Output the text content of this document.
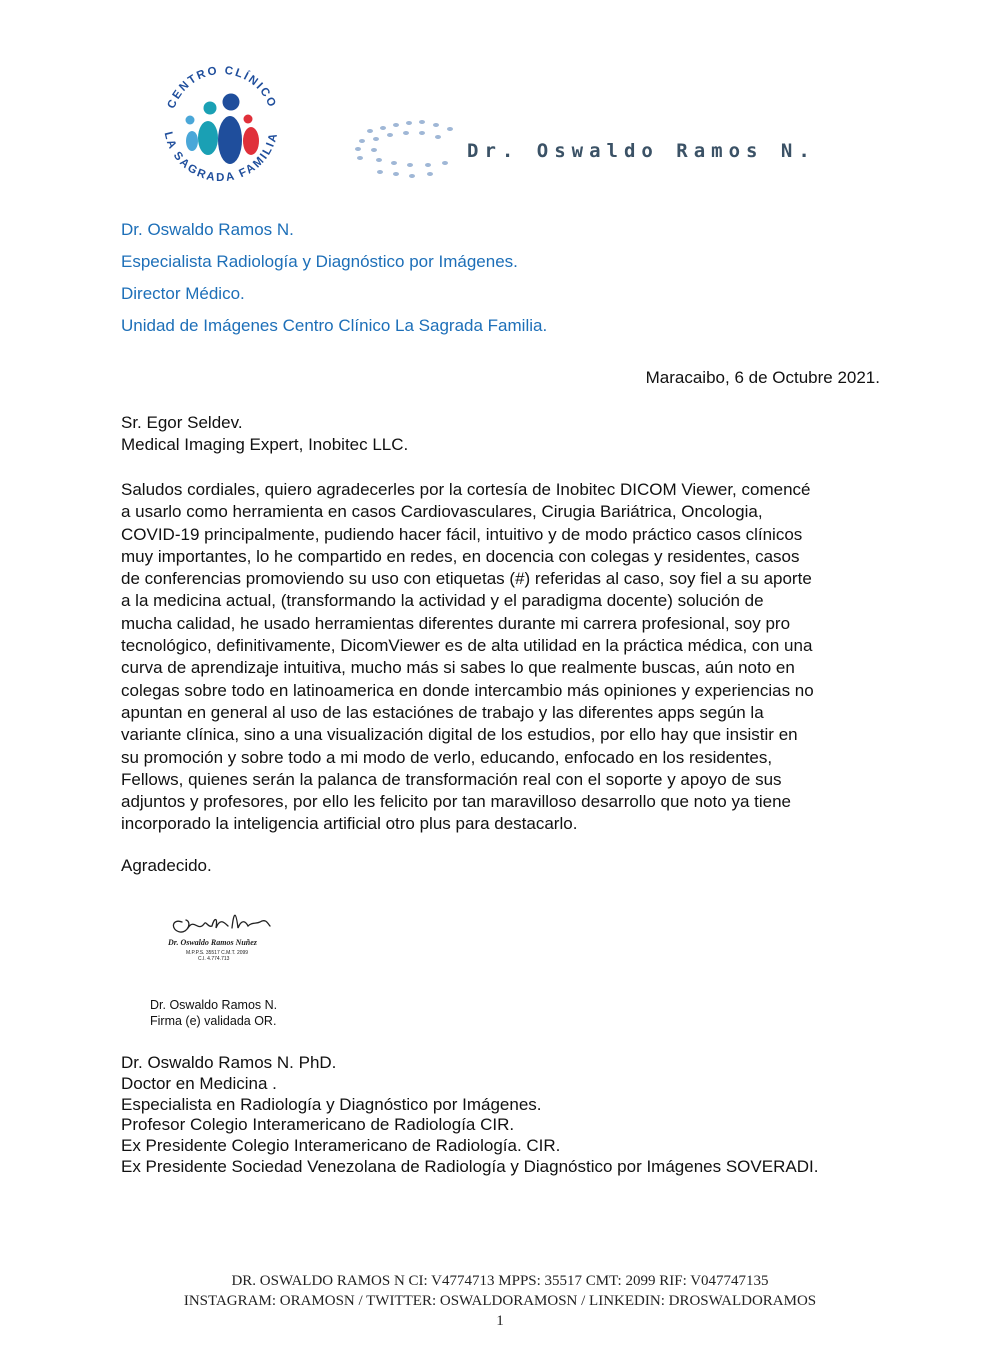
CENTRO CLÍNICO
LA SAGRADA FAMILIA
Dr. Oswaldo Ramos N.
Dr. Oswaldo Ramos N.
Especialista Radiología y Diagnóstico por Imágenes.
Director Médico.
Unidad de Imágenes Centro Clínico La Sagrada Familia.
Maracaibo, 6 de Octubre 2021.
Sr. Egor Seldev.
Medical Imaging Expert, Inobitec LLC.
Saludos cordiales, quiero agradecerles por la cortesía de Inobitec DICOM Viewer, comencé
a usarlo como herramienta en casos Cardiovasculares, Cirugia Bariátrica, Oncologia,
COVID-19 principalmente, pudiendo hacer fácil, intuitivo y de modo práctico casos clínicos
muy importantes, lo he compartido en redes, en docencia con colegas y residentes, casos
de conferencias promoviendo su uso con etiquetas (#) referidas al caso, soy fiel a su aporte
a la medicina actual, (transformando la actividad y el paradigma docente) solución de
mucha calidad, he usado herramientas diferentes durante mi carrera profesional, soy pro
tecnológico, definitivamente, DicomViewer es de alta utilidad en la práctica médica, con una
curva de aprendizaje intuitiva, mucho más si sabes lo que realmente buscas, aún noto en
colegas sobre todo en latinoamerica en donde intercambio más opiniones y experiencias no
apuntan en general al uso de las estaciónes de trabajo y las diferentes apps según la
variante clínica, sino a una visualización digital de los estudios, por ello hay que insistir en
su promoción y sobre todo a mi modo de verlo, educando, enfocado en los residentes,
Fellows, quienes serán la palanca de transformación real con el soporte y apoyo de sus
adjuntos y profesores, por ello les felicito por tan maravilloso desarrollo que noto ya tiene
incorporado la inteligencia artificial otro plus para destacarlo.
Agradecido.
Dr. Oswaldo Ramos Nuñez
M.P.P.S. 35517 C.M.T. 2099
C.I. 4.774.713
Dr. Oswaldo Ramos N.
Firma (e) validada OR.
Dr. Oswaldo Ramos N. PhD.
Doctor en Medicina .
Especialista en Radiología y Diagnóstico por Imágenes.
Profesor Colegio Interamericano de Radiología CIR.
Ex Presidente Colegio Interamericano de Radiología. CIR.
Ex Presidente Sociedad Venezolana de Radiología y Diagnóstico por Imágenes SOVERADI.
DR. OSWALDO RAMOS N CI: V4774713 MPPS: 35517 CMT: 2099 RIF: V047747135
INSTAGRAM: ORAMOSN / TWITTER: OSWALDORAMOSN / LINKEDIN: DROSWALDORAMOS
1
